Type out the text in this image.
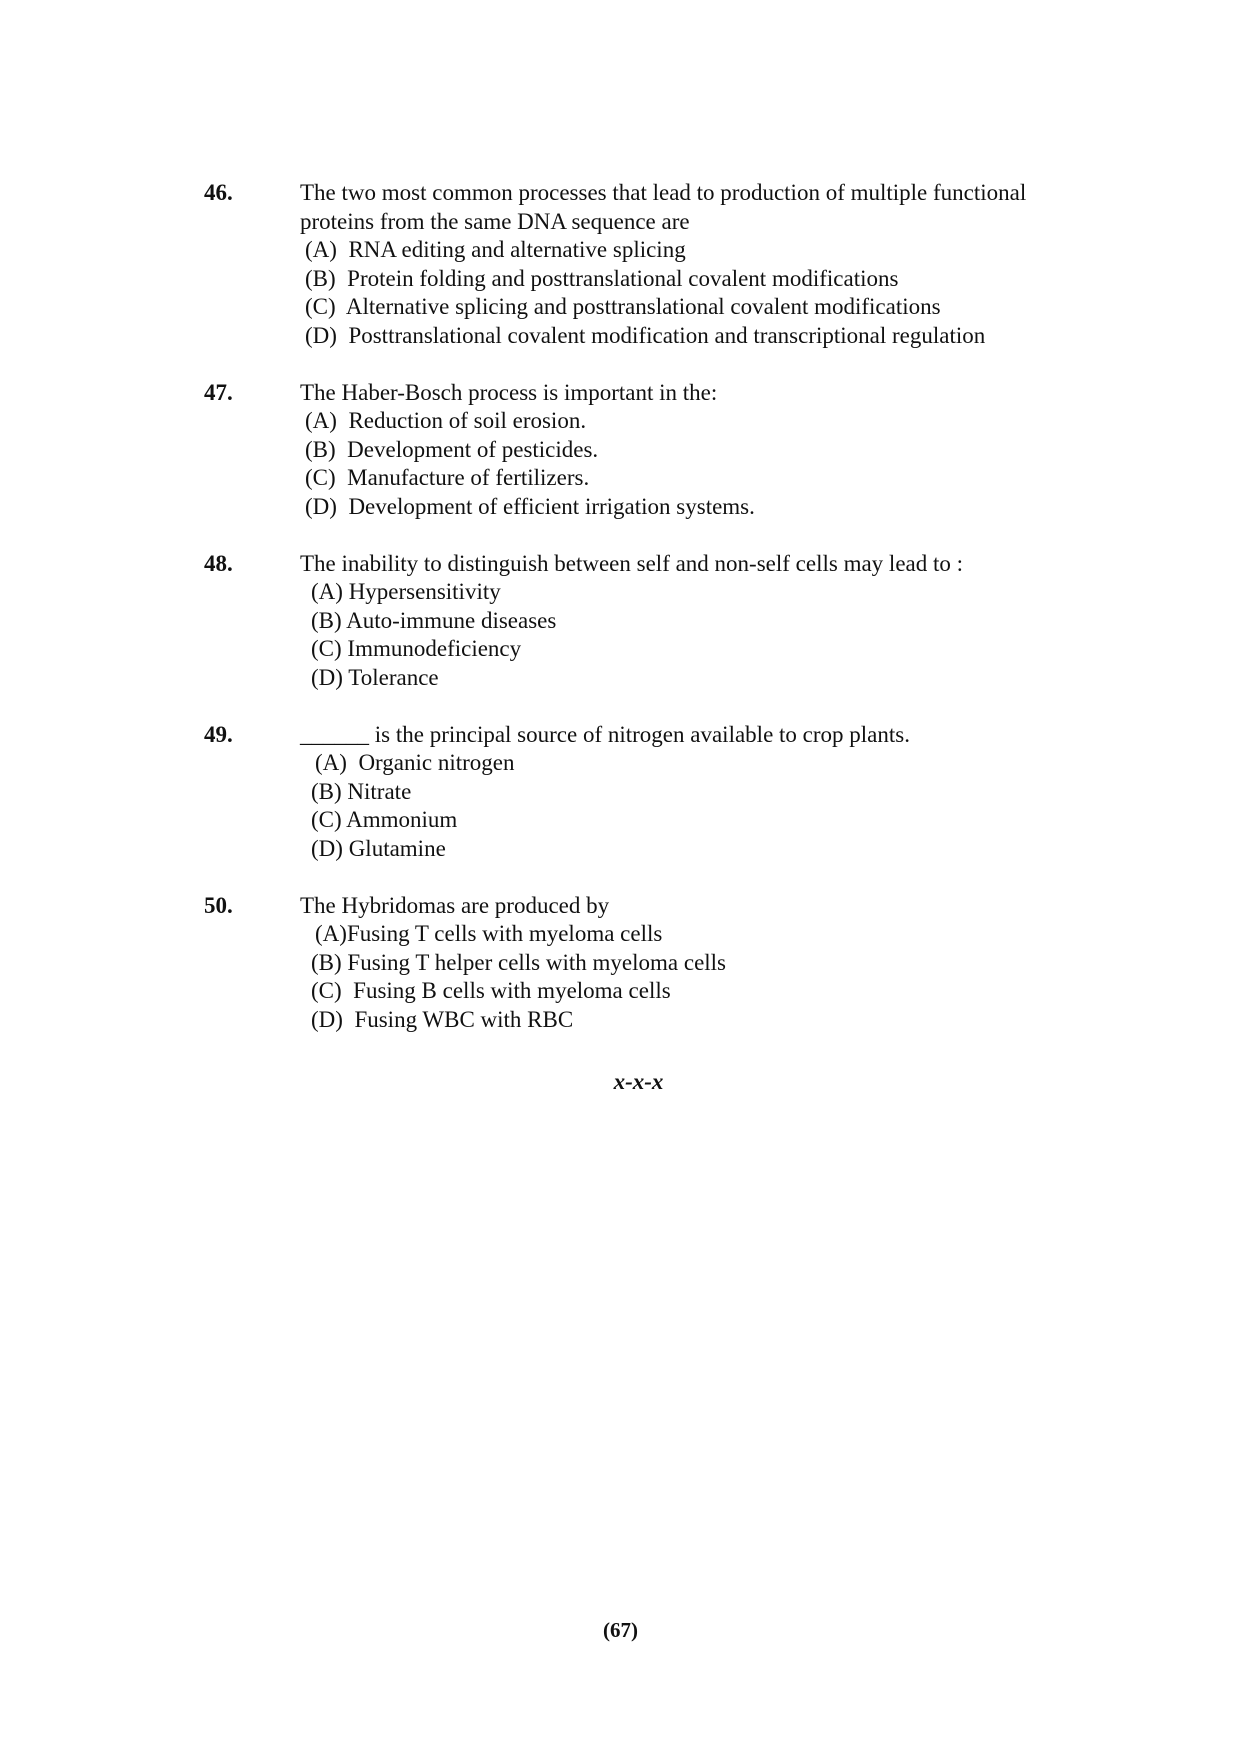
46.	The two most common processes that lead to production of multiple functional proteins from the same DNA sequence are
(A) RNA editing and alternative splicing
(B) Protein folding and posttranslational covalent modifications
(C) Alternative splicing and posttranslational covalent modifications
(D) Posttranslational covalent modification and transcriptional regulation
47.	The Haber-Bosch process is important in the:
(A) Reduction of soil erosion.
(B) Development of pesticides.
(C) Manufacture of fertilizers.
(D) Development of efficient irrigation systems.
48.	The inability to distinguish between self and non-self cells may lead to :
(A) Hypersensitivity
(B) Auto-immune diseases
(C) Immunodeficiency
(D) Tolerance
49.	______ is the principal source of nitrogen available to crop plants.
(A) Organic nitrogen
(B) Nitrate
(C) Ammonium
(D) Glutamine
50.	The Hybridomas are produced by
(A)Fusing T cells with myeloma cells
(B) Fusing T helper cells with myeloma cells
(C) Fusing B cells with myeloma cells
(D) Fusing WBC with RBC
x-x-x
(67)
